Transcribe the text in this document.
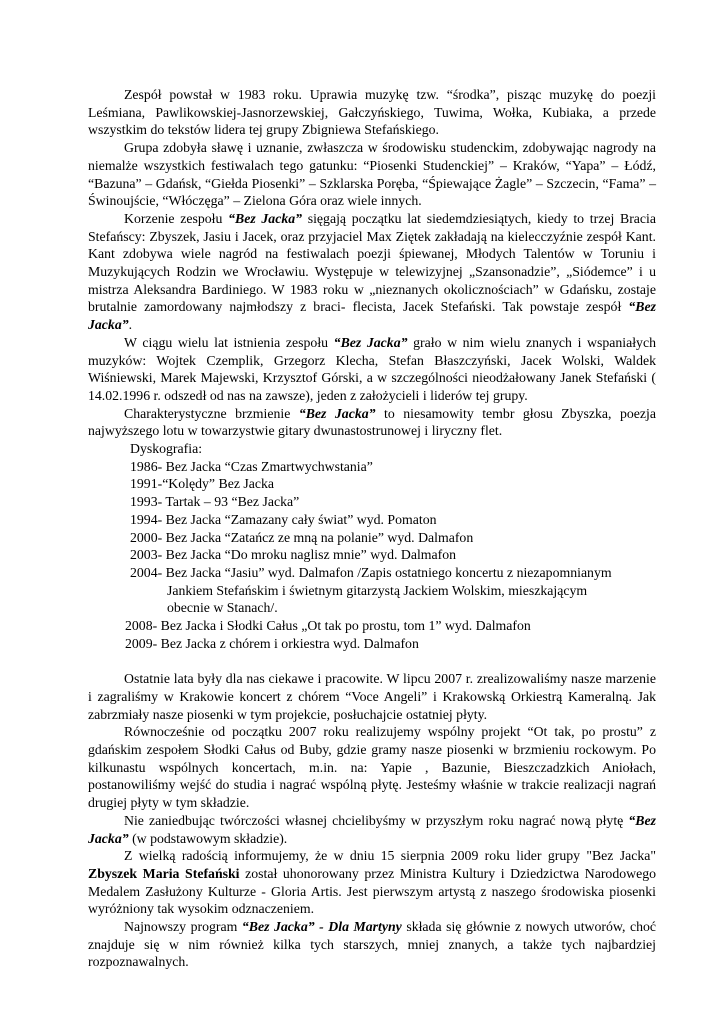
Zespół powstał w 1983 roku. Uprawia muzykę tzw. “środka”, pisząc muzykę do poezji Leśmiana, Pawlikowskiej-Jasnorzewskiej, Gałczyńskiego, Tuwima, Wołka, Kubiaka, a przede wszystkim do tekstów lidera tej grupy Zbigniewa Stefańskiego.

Grupa zdobyła sławę i uznanie, zwłaszcza w środowisku studenckim, zdobywając nagrody na niemalże wszystkich festiwalach tego gatunku: “Piosenki Studenckiej” – Kraków, “Yapa” – Łódź, “Bazuna” – Gdańsk, “Giełda Piosenki” – Szklarska Poręba, “Śpiewające Żagle” – Szczecin, “Fama” – Świnoujście, “Włóczęga” – Zielona Góra oraz wiele innych.

Korzenie zespołu “Bez Jacka” sięgają początku lat siedemdziesiątych, kiedy to trzej Bracia Stefańscy: Zbyszek, Jasiu i Jacek, oraz przyjaciel Max Ziętek zakładają na kielecczyźnie zespół Kant. Kant zdobywa wiele nagród na festiwalach poezji śpiewanej, Młodych Talentów w Toruniu i Muzykujących Rodzin we Wrocławiu. Występuje w telewizyjnej „Szansonadzie”, „Siódemce” i u mistrza Aleksandra Bardiniego. W 1983 roku w „nieznanych okolicznościach” w Gdańsku, zostaje brutalnie zamordowany najmłodszy z braci- flecista, Jacek Stefański. Tak powstaje zespół “Bez Jacka”.

W ciągu wielu lat istnienia zespołu “Bez Jacka” grało w nim wielu znanych i wspaniałych muzyków: Wojtek Czemplik, Grzegorz Klecha, Stefan Błaszczyński, Jacek Wolski, Waldek Wiśniewski, Marek Majewski, Krzysztof Górski, a w szczególności nieodżałowany Janek Stefański ( 14.02.1996 r. odszedł od nas na zawsze), jeden z założycieli i liderów tej grupy.

Charakterystyczne brzmienie “Bez Jacka” to niesamowity tembr głosu Zbyszka, poezja najwyższego lotu w towarzystwie gitary dwunastostrunowej i liryczny flet.

Dyskografia:

1986- Bez Jacka “Czas Zmartwychwstania”

1991-“Kolędy” Bez Jacka

1993- Tartak – 93 “Bez Jacka”

1994- Bez Jacka “Zamazany cały świat” wyd. Pomaton

2000- Bez Jacka “Zatańcz ze mną na polanie” wyd. Dalmafon

2003- Bez Jacka “Do mroku naglisz mnie” wyd. Dalmafon

2004- Bez Jacka “Jasiu” wyd. Dalmafon /Zapis ostatniego koncertu z niezapomnianym

Jankiem Stefańskim i świetnym gitarzystą Jackiem Wolskim, mieszkającym

obecnie w Stanach/.

2008- Bez Jacka i Słodki Całus „Ot tak po prostu, tom 1” wyd. Dalmafon

2009- Bez Jacka z chórem i orkiestra wyd. Dalmafon

Ostatnie lata były dla nas ciekawe i pracowite. W lipcu 2007 r. zrealizowaliśmy nasze marzenie i zagraliśmy w Krakowie koncert z chórem “Voce Angeli” i Krakowską Orkiestrą Kameralną. Jak zabrzmiały nasze piosenki w tym projekcie, posłuchajcie ostatniej płyty.

Równocześnie od początku 2007 roku realizujemy wspólny projekt “Ot tak, po prostu” z gdańskim zespołem Słodki Całus od Buby, gdzie gramy nasze piosenki w brzmieniu rockowym. Po kilkunastu wspólnych koncertach, m.in. na: Yapie , Bazunie, Bieszczadzkich Aniołach, postanowiliśmy wejść do studia i nagrać wspólną płytę. Jesteśmy właśnie w trakcie realizacji nagrań drugiej płyty w tym składzie.

Nie zaniedbując twórczości własnej chcielibyśmy w przyszłym roku nagrać nową płytę “Bez Jacka” (w podstawowym składzie).

Z wielką radością informujemy, że w dniu 15 sierpnia 2009 roku lider grupy "Bez Jacka" Zbyszek Maria Stefański został uhonorowany przez Ministra Kultury i Dziedzictwa Narodowego Medalem Zasłużony Kulturze - Gloria Artis. Jest pierwszym artystą z naszego środowiska piosenki wyróżniony tak wysokim odznaczeniem.

Najnowszy program “Bez Jacka” - Dla Martyny składa się głównie z nowych utworów, choć znajduje się w nim również kilka tych starszych, mniej znanych, a także tych najbardziej rozpoznawalnych.
